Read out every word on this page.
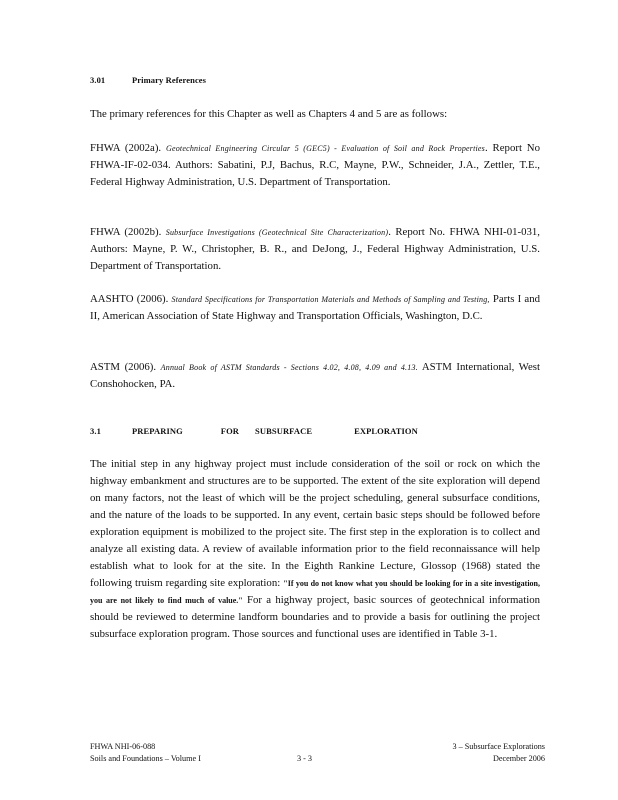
3.01	Primary References
The primary references for this Chapter as well as Chapters 4 and 5 are as follows:
FHWA (2002a). Geotechnical Engineering Circular 5 (GEC5) - Evaluation of Soil and Rock Properties. Report No FHWA-IF-02-034. Authors: Sabatini, P.J, Bachus, R.C, Mayne, P.W., Schneider, J.A., Zettler, T.E., Federal Highway Administration, U.S. Department of Transportation.
FHWA (2002b). Subsurface Investigations (Geotechnical Site Characterization). Report No. FHWA NHI-01-031, Authors: Mayne, P. W., Christopher, B. R., and DeJong, J., Federal Highway Administration, U.S. Department of Transportation.
AASHTO (2006). Standard Specifications for Transportation Materials and Methods of Sampling and Testing, Parts I and II, American Association of State Highway and Transportation Officials, Washington, D.C.
ASTM (2006). Annual Book of ASTM Standards - Sections 4.02, 4.08, 4.09 and 4.13. ASTM International, West Conshohocken, PA.
3.1	PREPARING	FOR SUBSURFACE	EXPLORATION
The initial step in any highway project must include consideration of the soil or rock on which the highway embankment and structures are to be supported. The extent of the site exploration will depend on many factors, not the least of which will be the project scheduling, general subsurface conditions, and the nature of the loads to be supported. In any event, certain basic steps should be followed before exploration equipment is mobilized to the project site. The first step in the exploration is to collect and analyze all existing data. A review of available information prior to the field reconnaissance will help establish what to look for at the site. In the Eighth Rankine Lecture, Glossop (1968) stated the following truism regarding site exploration: "If you do not know what you should be looking for in a site investigation, you are not likely to find much of value." For a highway project, basic sources of geotechnical information should be reviewed to determine landform boundaries and to provide a basis for outlining the project subsurface exploration program. Those sources and functional uses are identified in Table 3-1.
FHWA NHI-06-088
Soils and Foundations – Volume I	3 - 3
3 – Subsurface Explorations
December 2006
